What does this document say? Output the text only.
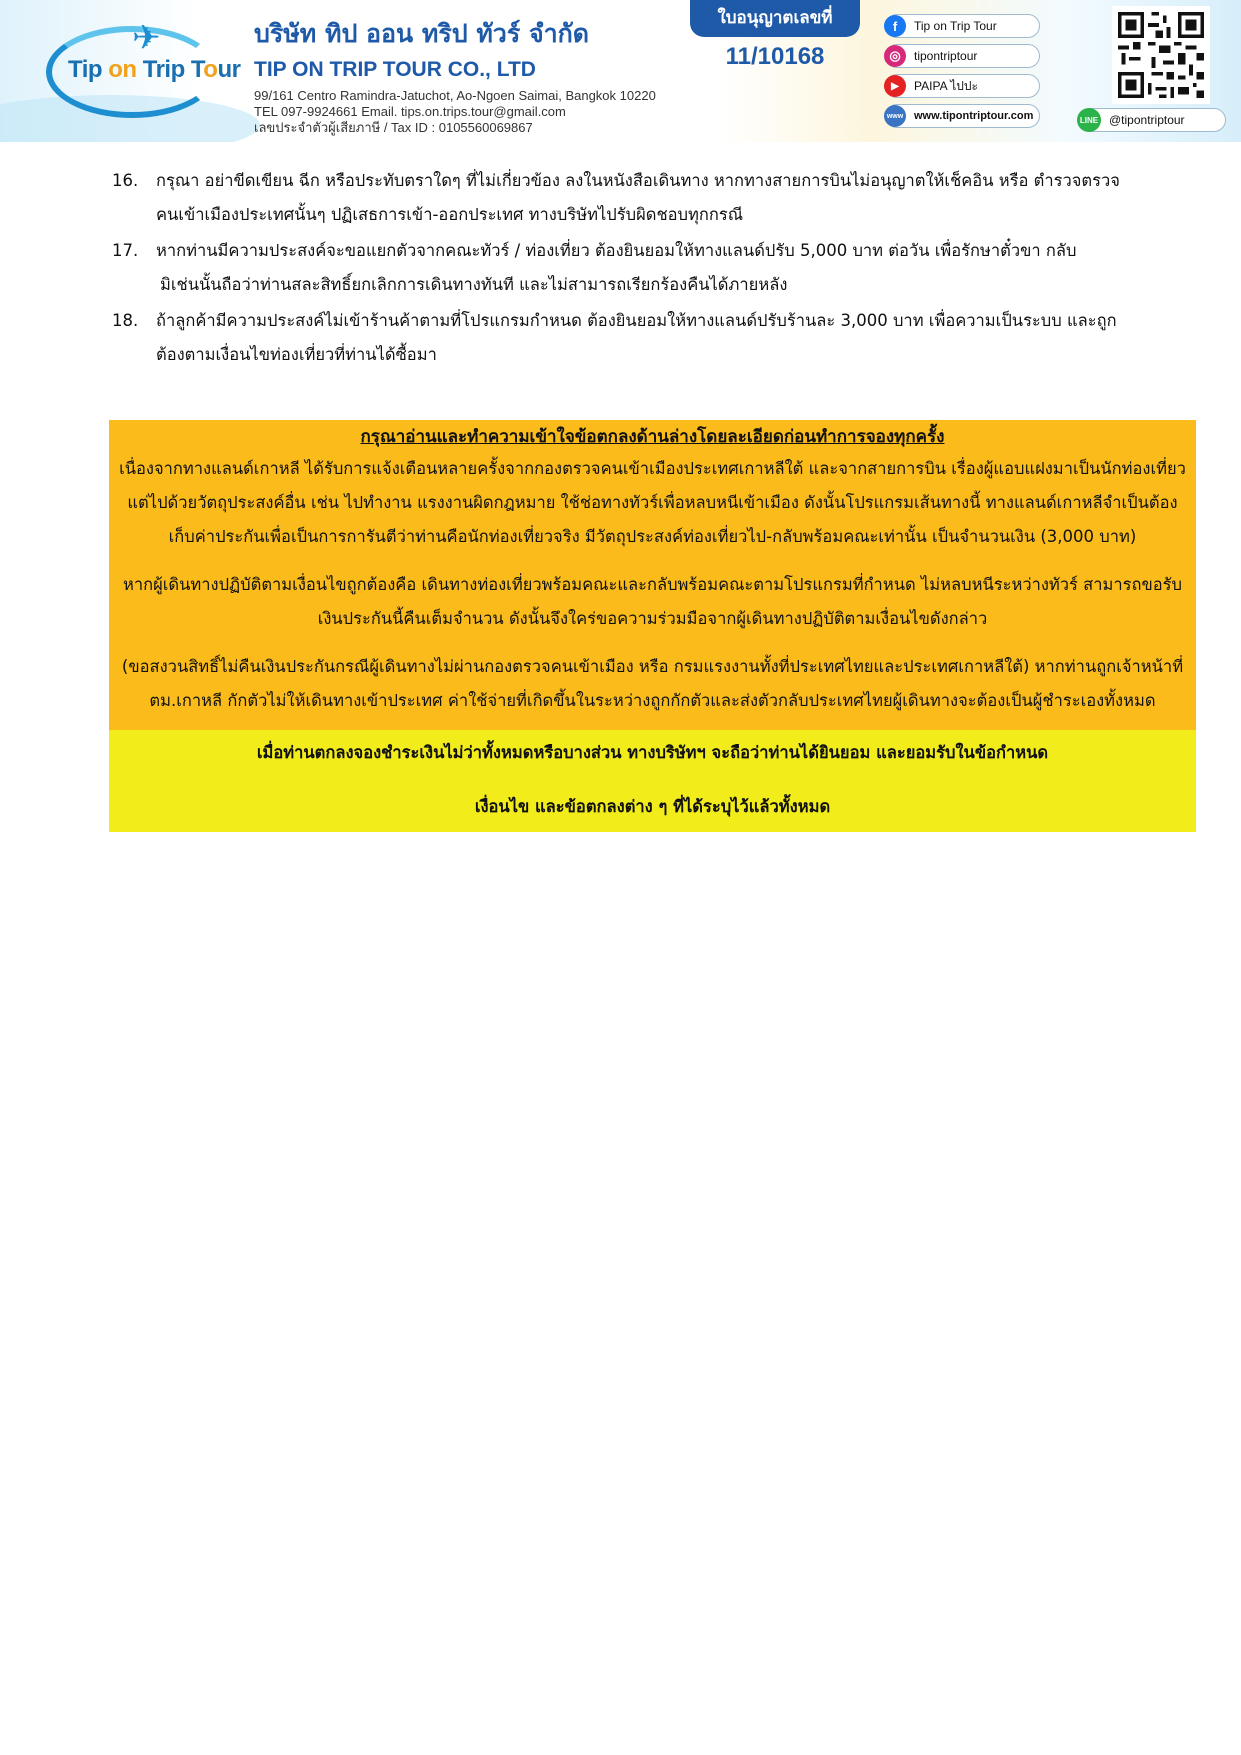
✈
Tip on Trip Tour
บริษัท ทิป ออน ทริป ทัวร์ จำกัด
TIP ON TRIP TOUR CO., LTD
99/161 Centro Ramindra-Jatuchot, Ao-Ngoen Saimai, Bangkok 10220
TEL 097-9924661 Email. tips.on.trips.tour@gmail.com
เลขประจำตัวผู้เสียภาษี / Tax ID : 0105560069867
ใบอนุญาตเลขที่
11/10168
f	Tip on Trip Tour
◎	tipontriptour
▶	PAIPA ไปปะ
www www.tipontriptour.com	LINE @tipontriptour
16.	กรุณา อย่าขีดเขียน ฉีก หรือประทับตราใดๆ ที่ไม่เกี่ยวข้อง ลงในหนังสือเดินทาง หากทางสายการบินไม่อนุญาตให้เช็คอิน หรือ ตำรวจตรวจคนเข้าเมืองประเทศนั้นๆ ปฏิเสธการเข้า-ออกประเทศ ทางบริษัทไปรับผิดชอบทุกกรณี
17.	หากท่านมีความประสงค์จะขอแยกตัวจากคณะทัวร์ / ท่องเที่ยว ต้องยินยอมให้ทางแลนด์ปรับ 5,000 บาท ต่อวัน เพื่อรักษาตั๋วขา กลับ
มิเช่นนั้นถือว่าท่านสละสิทธิ์ยกเลิกการเดินทางทันที และไม่สามารถเรียกร้องคืนได้ภายหลัง
18.	ถ้าลูกค้ามีความประสงค์ไม่เข้าร้านค้าตามที่โปรแกรมกำหนด ต้องยินยอมให้ทางแลนด์ปรับร้านละ 3,000 บาท เพื่อความเป็นระบบ และถูกต้องตามเงื่อนไขท่องเที่ยวที่ท่านได้ซื้อมา
กรุณาอ่านและทำความเข้าใจข้อตกลงด้านล่างโดยละเอียดก่อนทำการจองทุกครั้ง
เนื่องจากทางแลนด์เกาหลี ได้รับการแจ้งเตือนหลายครั้งจากกองตรวจคนเข้าเมืองประเทศเกาหลีใต้ และจากสายการบิน เรื่องผู้แอบแฝงมาเป็นนักท่องเที่ยว แต่ไปด้วยวัตถุประสงค์อื่น เช่น ไปทำงาน แรงงานผิดกฎหมาย ใช้ช่อทางทัวร์เพื่อหลบหนีเข้าเมือง ดังนั้นโปรแกรมเส้นทางนี้ ทางแลนด์เกาหลีจำเป็นต้องเก็บค่าประกันเพื่อเป็นการการันตีว่าท่านคือนักท่องเที่ยวจริง มีวัตถุประสงค์ท่องเที่ยวไป-กลับพร้อมคณะเท่านั้น เป็นจำนวนเงิน (3,000 บาท)
หากผู้เดินทางปฏิบัติตามเงื่อนไขถูกต้องคือ เดินทางท่องเที่ยวพร้อมคณะและกลับพร้อมคณะตามโปรแกรมที่กำหนด ไม่หลบหนีระหว่างทัวร์ สามารถขอรับเงินประกันนี้คืนเต็มจำนวน ดังนั้นจึงใคร่ขอความร่วมมือจากผู้เดินทางปฏิบัติตามเงื่อนไขดังกล่าว
(ขอสงวนสิทธิ์ไม่คืนเงินประกันกรณีผู้เดินทางไม่ผ่านกองตรวจคนเข้าเมือง หรือ กรมแรงงานทั้งที่ประเทศไทยและประเทศเกาหลีใต้) หากท่านถูกเจ้าหน้าที่ตม.เกาหลี กักตัวไม่ให้เดินทางเข้าประเทศ ค่าใช้จ่ายที่เกิดขึ้นในระหว่างถูกกักตัวและส่งตัวกลับประเทศไทยผู้เดินทางจะต้องเป็นผู้ชำระเองทั้งหมด
เมื่อท่านตกลงจองชำระเงินไม่ว่าทั้งหมดหรือบางส่วน ทางบริษัทฯ จะถือว่าท่านได้ยินยอม และยอมรับในข้อกำหนด
เงื่อนไข และข้อตกลงต่าง ๆ ที่ได้ระบุไว้แล้วทั้งหมด
